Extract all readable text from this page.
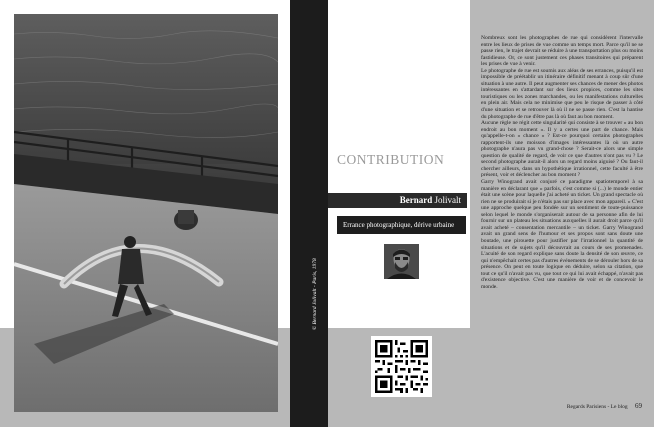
© Bernard Jolivalt - Paris, 1978
CONTRIBUTION
Bernard Jolivalt
Errance photographique, dérive urbaine

Nombreux sont les photographes de rue qui considèrent l'intervalle entre les lieux de prises de vue comme un temps mort. Parce qu'il ne se passe rien, le trajet devrait se réduire à une transportation plus ou moins fastidieuse. Or, ce sont justement ces phases transitoires qui préparent les prises de vue à venir.

Le photographe de rue est soumis aux aléas de ses errances, puisqu'il est impossible de préétablir un itinéraire définitif menant à coup sûr d'une situation à une autre. Il peut augmenter ses chances de mener des photos intéressantes en s'attardant sur des lieux propices, comme les sites touristiques ou les zones marchandes, ou les manifestations culturelles en plein air. Mais cela ne minimise que peu le risque de passer à côté d'une situation et se retrouver là où il ne se passe rien. C'est la hantise du photographe de rue d'être pas là où faut au bon moment.

Aucune règle ne régit cette singularité qui consiste à se trouver « au bon endroit au bon moment ». Il y a certes une part de chance. Mais qu'appelle-t-on « chance » ? Est-ce pourquoi certains photographes rapportent-ils une moisson d'images intéressantes là où un autre photographe n'aura pas vu grand-chose ? Serait-ce alors une simple question de qualité de regard, de voir ce que d'autres n'ont pas vu ? Le second photographe aurait-il alors un regard moins aiguisé ? Ou faut-il chercher ailleurs, dans un hypothétique irrationnel, cette faculté à être présent, voir et déclencher au bon moment ?

Garry Winogrand avait conjuré ce paradigme spatiotemporel à sa manière en déclarant que « parfois, c'est comme si (...) le monde entier était une scène pour laquelle j'ai acheté un ticket. Un grand spectacle où rien ne se produirait si je n'étais pas sur place avec mon appareil. » C'est une approche quelque peu fondée sur un sentiment de toute-puissance selon lequel le monde s'organiserait autour de sa personne afin de lui fournir sur un plateau les situations auxquelles il aurait droit parce qu'il avait acheté – consentation mercantile – un ticket. Garry Winogrand avait un grand sens de l'humour et ses propos sont sans doute une boutade, une pirouette pour justifier par l'irrationnel la quantité de situations et de sujets qu'il découvrait au cours de ses promenades. L'acuité de son regard explique sans doute la densité de son œuvre, ce qui n'empêchait certes pas d'autres événements de se dérouler hors de sa présence. On peut en toute logique en déduire, selon sa citation, que tout ce qu'il n'avait pas vu, que tout ce qui lui avait échappé, n'avait pas d'existence objective. C'est une manière de voir et de concevoir le monde.

Regards Parisiens - Le blog 69
